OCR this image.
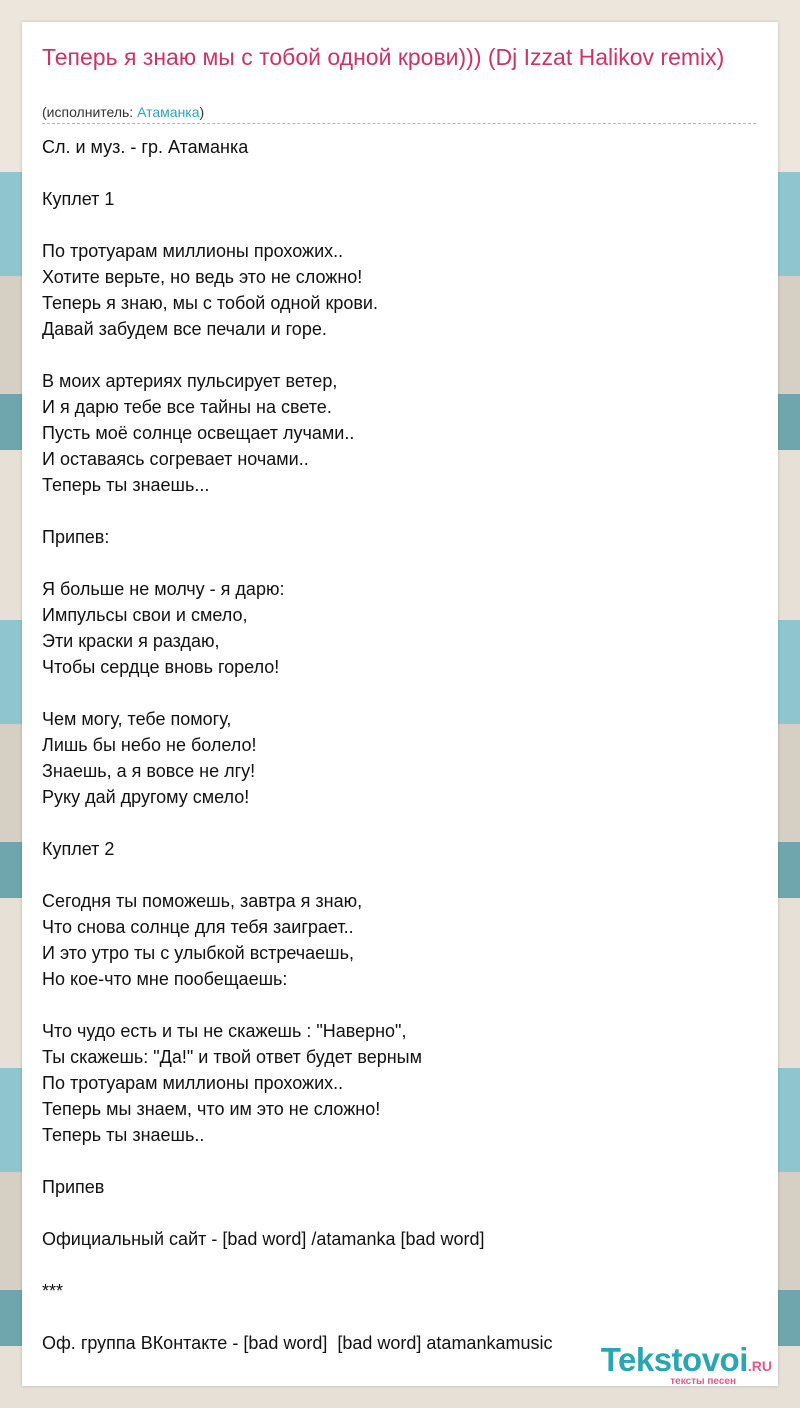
Теперь я знаю мы с тобой одной крови))) (Dj Izzat Halikov remix)
(исполнитель: Атаманка)
Сл. и муз. - гр. Атаманка
Куплет 1
По тротуарам миллионы прохожих..
Хотите верьте, но ведь это не сложно!
Теперь я знаю, мы с тобой одной крови.
Давай забудем все печали и горе.
В моих артериях пульсирует ветер,
И я дарю тебе все тайны на свете.
Пусть моё солнце освещает лучами..
И оставаясь согревает ночами..
Теперь ты знаешь...
Припев:
Я больше не молчу - я дарю:
Импульсы свои и смело,
Эти краски я раздаю,
Чтобы сердце вновь горело!
Чем могу, тебе помогу,
Лишь бы небо не болело!
Знаешь, а я вовсе не лгу!
Руку дай другому смело!
Куплет 2
Сегодня ты поможешь, завтра я знаю,
Что снова солнце для тебя заиграет..
И это утро ты с улыбкой встречаешь,
Но кое-что мне пообещаешь:
Что чудо есть и ты не скажешь : "Наверно",
Ты скажешь: "Да!" и твой ответ будет верным
По тротуарам миллионы прохожих..
Теперь мы знаем, что им это не сложно!
Теперь ты знаешь..
Припев
Официальный сайт - [bad word] /atamanka [bad word]
***
Оф. группа ВКонтакте - [bad word]  [bad word] atamankamusic	Tekstovoi.RU
тексты песен
